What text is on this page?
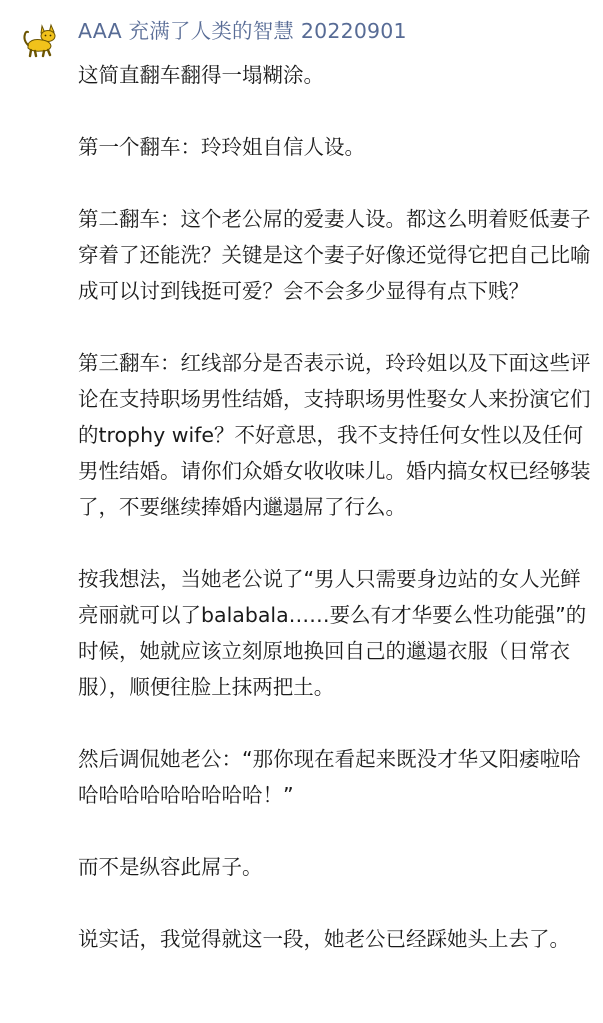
AAA 充满了人类的智慧 20220901

这简直翻车翻得一塌糊涂。

第一个翻车：玲玲姐自信人设。

第二翻车：这个老公屌的爱妻人设。都这么明着贬低妻子穿着了还能洗？关键是这个妻子好像还觉得它把自己比喻成可以讨到钱挺可爱？会不会多少显得有点下贱？

第三翻车：红线部分是否表示说，玲玲姐以及下面这些评论在支持职场男性结婚，支持职场男性娶女人来扮演它们的trophy wife？不好意思，我不支持任何女性以及任何男性结婚。请你们众婚女收收味儿。婚内搞女权已经够装了，不要继续捧婚内邋遢屌了行么。

按我想法，当她老公说了“男人只需要身边站的女人光鲜亮丽就可以了balabala……要么有才华要么性功能强”的时候，她就应该立刻原地换回自己的邋遢衣服（日常衣服），顺便往脸上抹两把土。

然后调侃她老公：“那你现在看起来既没才华又阳痿啦哈哈哈哈哈哈哈哈哈哈！”

而不是纵容此屌子。

说实话，我觉得就这一段，她老公已经踩她头上去了。
